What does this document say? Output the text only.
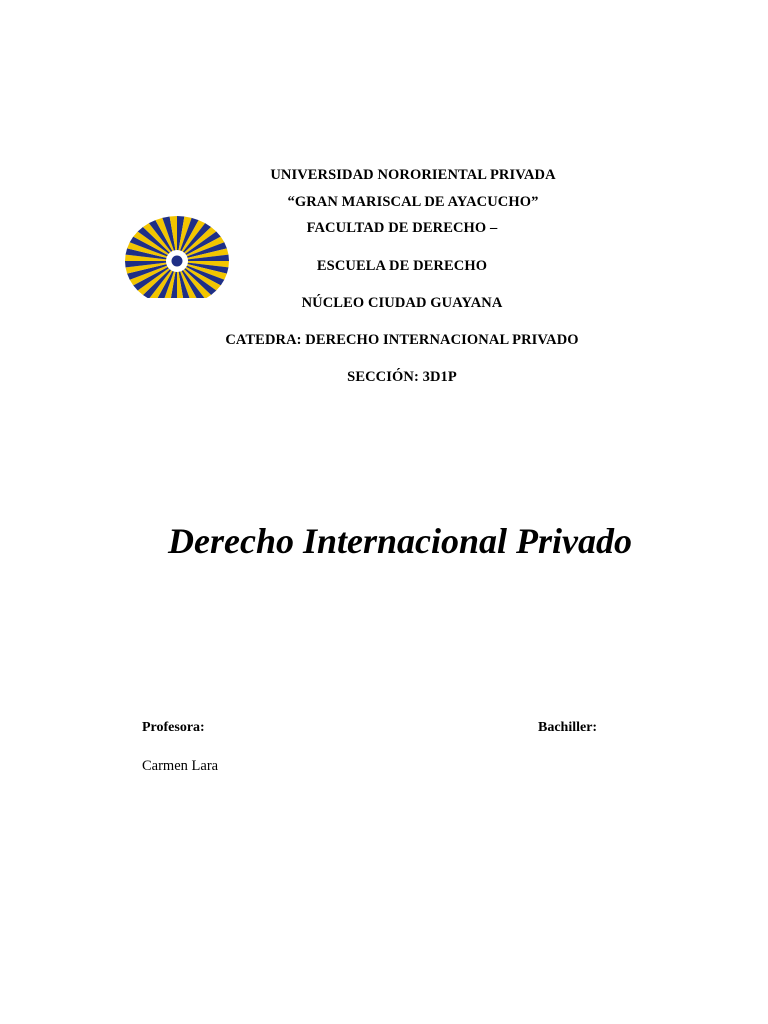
UNIVERSIDAD NORORIENTAL PRIVADA
“GRAN MARISCAL DE AYACUCHO”
FACULTAD DE DERECHO –
ESCUELA DE DERECHO
NÚCLEO CIUDAD GUAYANA
CATEDRA: DERECHO INTERNACIONAL PRIVADO
SECCIÓN: 3D1P
Derecho Internacional Privado
Profesora:	Bachiller:
Carmen Lara
